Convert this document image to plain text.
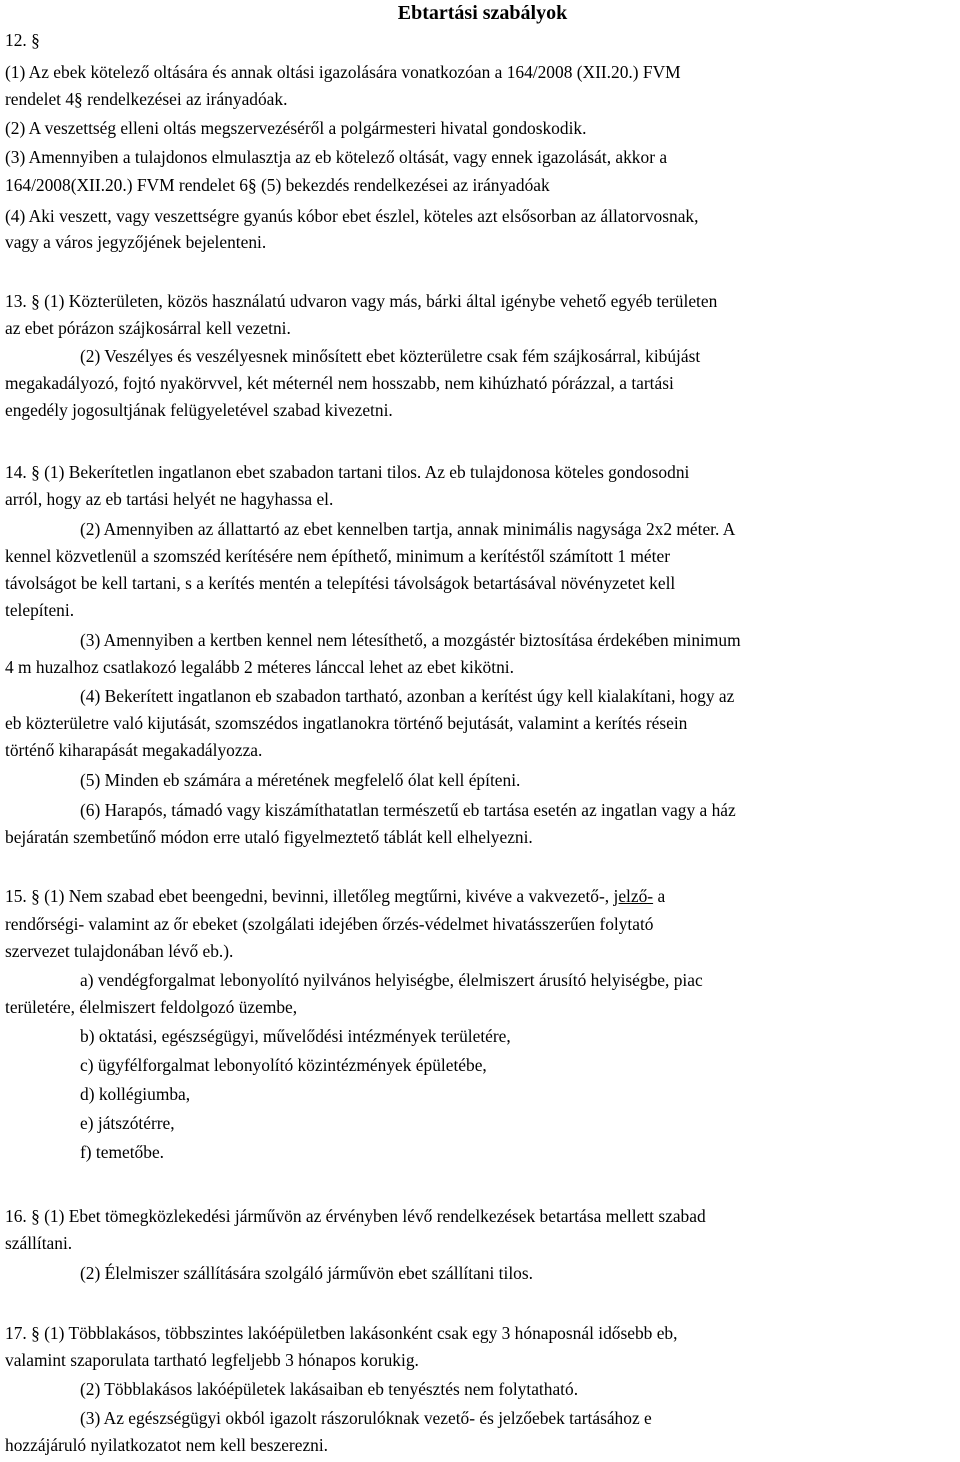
Ebtartási szabályok
12. §
(1) Az ebek kötelező oltására és annak oltási igazolására vonatkozóan a 164/2008 (XII.20.) FVM
rendelet 4§ rendelkezései az irányadóak.
(2) A veszettség elleni oltás megszervezéséről a polgármesteri hivatal gondoskodik.
(3) Amennyiben a tulajdonos elmulasztja az eb kötelező oltását, vagy ennek igazolását, akkor a
164/2008(XII.20.) FVM rendelet 6§ (5) bekezdés rendelkezései az irányadóak
(4) Aki veszett, vagy veszettségre gyanús kóbor ebet észlel, köteles azt elsősorban az állatorvosnak,
vagy a város jegyzőjének bejelenteni.
13. § (1) Közterületen, közös használatú udvaron vagy más, bárki által igénybe vehető egyéb területen
az ebet pórázon szájkosárral kell vezetni.
(2) Veszélyes és veszélyesnek minősített ebet közterületre csak fém szájkosárral, kibújást
megakadályozó, fojtó nyakörvvel, két méternél nem hosszabb, nem kihúzható pórázzal, a tartási
engedély jogosultjának felügyeletével szabad kivezetni.
14. § (1) Bekerítetlen ingatlanon ebet szabadon tartani tilos. Az eb tulajdonosa köteles gondosodni
arról, hogy az eb tartási helyét ne hagyhassa el.
(2) Amennyiben az állattartó az ebet kennelben tartja, annak minimális nagysága 2x2 méter. A
kennel közvetlenül a szomszéd kerítésére nem építhető, minimum a kerítéstől számított 1 méter
távolságot be kell tartani, s a kerítés mentén a telepítési távolságok betartásával növényzetet kell
telepíteni.
(3) Amennyiben a kertben kennel nem létesíthető, a mozgástér biztosítása érdekében minimum
4 m huzalhoz csatlakozó legalább 2 méteres lánccal lehet az ebet kikötni.
(4) Bekerített ingatlanon eb szabadon tartható, azonban a kerítést úgy kell kialakítani, hogy az
eb közterületre való kijutását, szomszédos ingatlanokra történő bejutását, valamint a kerítés résein
történő kiharapását megakadályozza.
(5) Minden eb számára a méretének megfelelő ólat kell építeni.
(6) Harapós, támadó vagy kiszámíthatatlan természetű eb tartása esetén az ingatlan vagy a ház
bejáratán szembetűnő módon erre utaló figyelmeztető táblát kell elhelyezni.
15. § (1) Nem szabad ebet beengedni, bevinni, illetőleg megtűrni, kivéve a vakvezető-, jelző- a
rendőrségi- valamint az őr ebeket (szolgálati idejében őrzés-védelmet hivatásszerűen folytató
szervezet tulajdonában lévő eb.).
a) vendégforgalmat lebonyolító nyilvános helyiségbe, élelmiszert árusító helyiségbe, piac
területére, élelmiszert feldolgozó üzembe,
b) oktatási, egészségügyi, művelődési intézmények területére,
c) ügyfélforgalmat lebonyolító közintézmények épületébe,
d) kollégiumba,
e) játszótérre,
f) temetőbe.
16. § (1) Ebet tömegközlekedési járművön az érvényben lévő rendelkezések betartása mellett szabad
szállítani.
(2) Élelmiszer szállítására szolgáló járművön ebet szállítani tilos.
17. § (1) Többlakásos, többszintes lakóépületben lakásonként csak egy 3 hónaposnál idősebb eb,
valamint szaporulata tartható legfeljebb 3 hónapos korukig.
(2) Többlakásos lakóépületek lakásaiban eb tenyésztés nem folytatható.
(3) Az egészségügyi okból igazolt rászorulóknak vezető- és jelzőebek tartásához e
hozzájáruló nyilatkozatot nem kell beszerezni.
